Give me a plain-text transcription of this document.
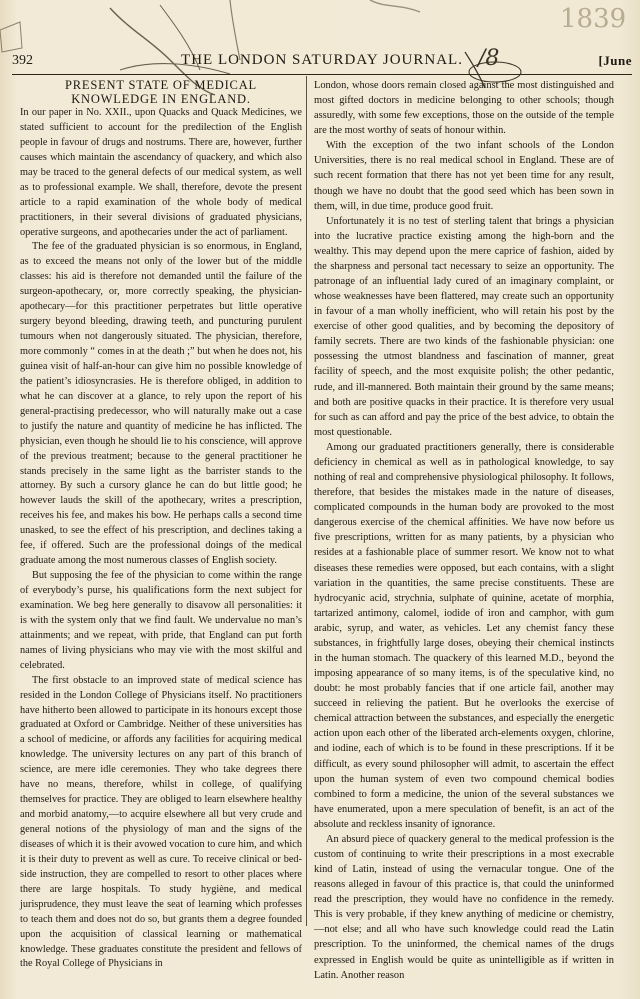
1839
/8
392	THE LONDON SATURDAY JOURNAL.	[June

PRESENT STATE OF MEDICAL KNOWLEDGE IN ENGLAND.

In our paper in No. XXII., upon Quacks and Quack Medicines, we stated sufficient to account for the predilection of the English people in favour of drugs and nostrums. There are, however, further causes which maintain the ascendancy of quackery, and which also may be traced to the general defects of our medical system, as well as to professional example. We shall, therefore, devote the present article to a rapid examination of the whole body of medical practitioners, in their several divisions of graduated physicians, operative surgeons, and apothecaries under the act of parliament.

The fee of the graduated physician is so enormous, in England, as to exceed the means not only of the lower but of the middle classes: his aid is therefore not demanded until the failure of the surgeon-apothecary, or, more correctly speaking, the physician-apothecary—for this practitioner perpetrates but little operative surgery beyond bleeding, drawing teeth, and puncturing purulent tumours when not dangerously situated. The physician, therefore, more commonly “ comes in at the death ;” but when he does not, his guinea visit of half-an-hour can give him no possible knowledge of the patient’s idiosyncrasies. He is therefore obliged, in addition to what he can discover at a glance, to rely upon the report of his general-practising predecessor, who will naturally make out a case to justify the nature and quantity of medicine he has inflicted. The physician, even though he should lie to his conscience, will approve of the previous treatment; because to the general practitioner he stands precisely in the same light as the barrister stands to the attorney. By such a cursory glance he can do but little good; he however lauds the skill of the apothecary, writes a prescription, receives his fee, and makes his bow. He perhaps calls a second time unasked, to see the effect of his prescription, and declines taking a fee, if offered. Such are the professional doings of the medical graduate among the most numerous classes of English society.

But supposing the fee of the physician to come within the range of everybody’s purse, his qualifications form the next subject for examination. We beg here generally to disavow all personalities: it is with the system only that we find fault. We undervalue no man’s attainments; and we repeat, with pride, that England can put forth names of living physicians who may vie with the most skilful and celebrated.

The first obstacle to an improved state of medical science has resided in the London College of Physicians itself. No practitioners have hitherto been allowed to participate in its honours except those graduated at Oxford or Cambridge. Neither of these universities has a school of medicine, or affords any facilities for acquiring medical knowledge. The university lectures on any part of this branch of science, are mere idle ceremonies. They who take degrees there have no means, therefore, whilst in college, of qualifying themselves for practice. They are obliged to learn elsewhere healthy and morbid anatomy,—to acquire elsewhere all but very crude and general notions of the physiology of man and the signs of the diseases of which it is their avowed vocation to cure him, and which it is their duty to prevent as well as cure. To receive clinical or bed-side instruction, they are compelled to resort to other places where there are large hospitals. To study hygiène, and medical jurisprudence, they must leave the seat of learning which professes to teach them and does not do so, but grants them a degree founded upon the acquisition of classical learning or mathematical knowledge. These graduates constitute the president and fellows of the Royal College of Physicians in

London, whose doors remain closed against the most distinguished and most gifted doctors in medicine belonging to other schools; though assuredly, with some few exceptions, those on the outside of the temple are the most worthy of seats of honour within.

With the exception of the two infant schools of the London Universities, there is no real medical school in England. These are of such recent formation that there has not yet been time for any result, though we have no doubt that the good seed which has been sown in them, will, in due time, produce good fruit.

Unfortunately it is no test of sterling talent that brings a physician into the lucrative practice existing among the high-born and the wealthy. This may depend upon the mere caprice of fashion, aided by the sharpness and personal tact necessary to seize an opportunity. The patronage of an influential lady cured of an imaginary complaint, or whose weaknesses have been flattered, may create such an opportunity in favour of a man wholly inefficient, who will retain his post by the exercise of other good qualities, and by becoming the depository of family secrets. There are two kinds of the fashionable physician: one possessing the utmost blandness and fascination of manner, great facility of speech, and the most exquisite polish; the other pedantic, rude, and ill-mannered. Both maintain their ground by the same means; and both are positive quacks in their practice. It is therefore very usual for such as can afford and pay the price of the best advice, to obtain the most questionable.

Among our graduated practitioners generally, there is considerable deficiency in chemical as well as in pathological knowledge, to say nothing of real and comprehensive physiological philosophy. It follows, therefore, that besides the mistakes made in the nature of diseases, complicated compounds in the human body are provoked to the most dangerous exercise of the chemical affinities. We have now before us five prescriptions, written for as many patients, by a physician who resides at a fashionable place of summer resort. We know not to what diseases these remedies were opposed, but each contains, with a slight variation in the quantities, the same precise constituents. These are hydrocyanic acid, strychnia, sulphate of quinine, acetate of morphia, tartarized antimony, calomel, iodide of iron and camphor, with gum arabic, syrup, and water, as vehicles. Let any chemist fancy these substances, in frightfully large doses, obeying their chemical instincts in the human stomach. The quackery of this learned M.D., beyond the imposing appearance of so many items, is of the speculative kind, no doubt: he most probably fancies that if one article fail, another may succeed in relieving the patient. But he overlooks the exercise of chemical attraction between the substances, and especially the energetic action upon each other of the liberated arch-elements oxygen, chlorine, and iodine, each of which is to be found in these prescriptions. If it be difficult, as every sound philosopher will admit, to ascertain the effect upon the human system of even two compound chemical bodies combined to form a medicine, the union of the several substances we have enumerated, upon a mere speculation of benefit, is an act of the absolute and reckless insanity of ignorance.

An absurd piece of quackery general to the medical profession is the custom of continuing to write their prescriptions in a most execrable kind of Latin, instead of using the vernacular tongue. One of the reasons alleged in favour of this practice is, that could the uninformed read the prescription, they would have no confidence in the remedy. This is very probable, if they knew anything of medicine or chemistry,—not else; and all who have such knowledge could read the Latin prescription. To the uninformed, the chemical names of the drugs expressed in English would be quite as unintelligible as if written in Latin. Another reason
